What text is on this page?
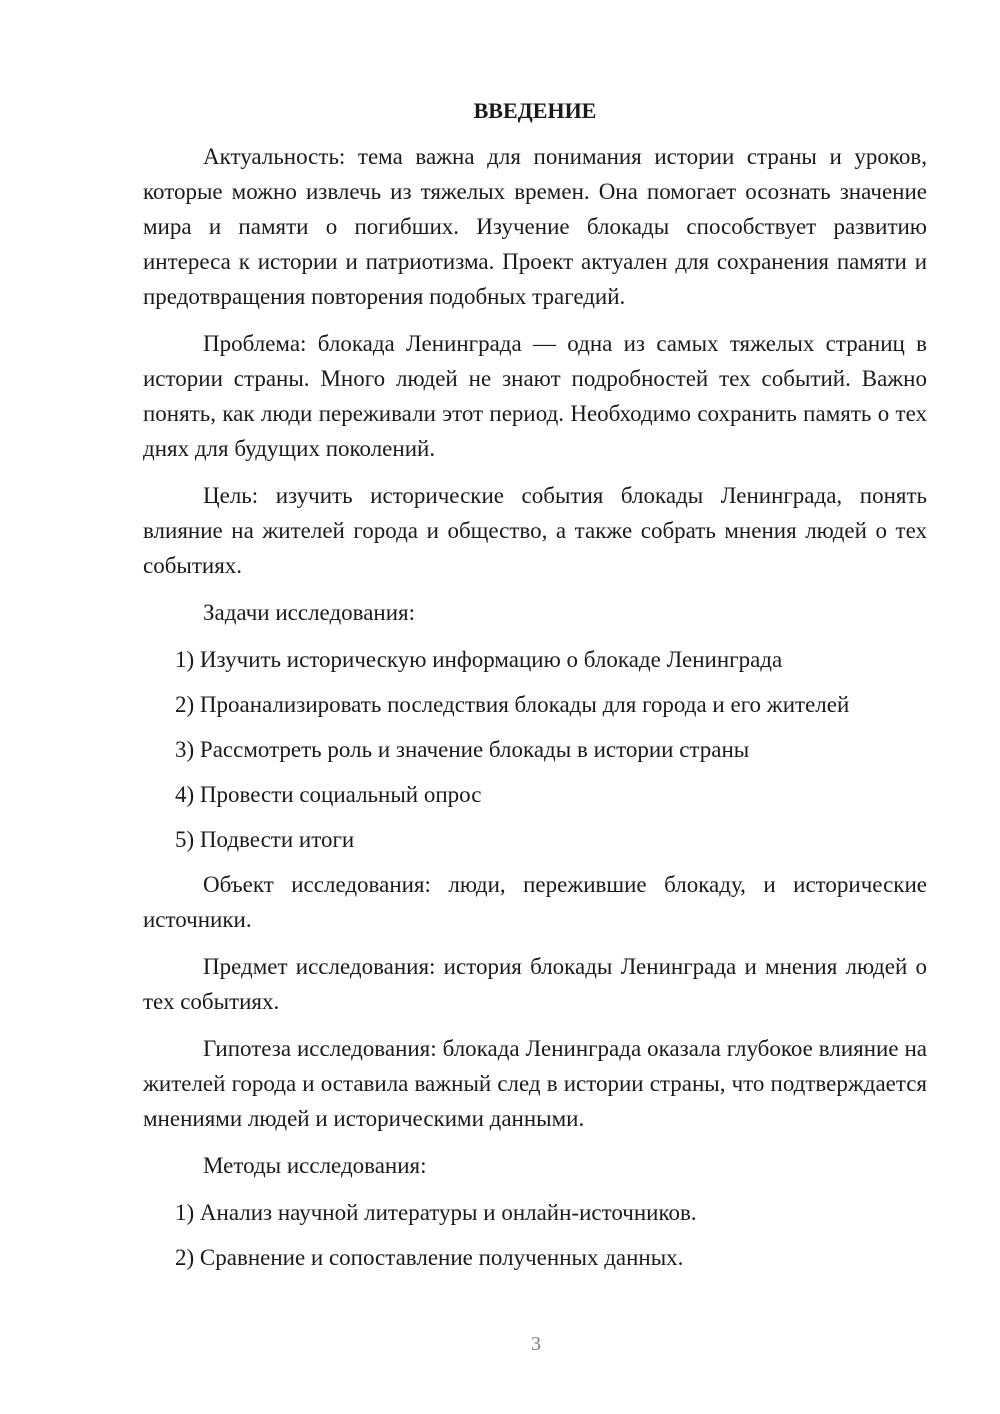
ВВЕДЕНИЕ

Актуальность: тема важна для понимания истории страны и уроков, которые можно извлечь из тяжелых времен. Она помогает осознать значение мира и памяти о погибших. Изучение блокады способствует развитию интереса к истории и патриотизма. Проект актуален для сохранения памяти и предотвращения повторения подобных трагедий.

Проблема: блокада Ленинграда — одна из самых тяжелых страниц в истории страны. Много людей не знают подробностей тех событий. Важно понять, как люди переживали этот период. Необходимо сохранить память о тех днях для будущих поколений.

Цель: изучить исторические события блокады Ленинграда, понять влияние на жителей города и общество, а также собрать мнения людей о тех событиях.

Задачи исследования:

1) Изучить историческую информацию о блокаде Ленинграда

2) Проанализировать последствия блокады для города и его жителей

3) Рассмотреть роль и значение блокады в истории страны

4) Провести социальный опрос

5) Подвести итоги

Объект исследования: люди, пережившие блокаду, и исторические источники.

Предмет исследования: история блокады Ленинграда и мнения людей о тех событиях.

Гипотеза исследования: блокада Ленинграда оказала глубокое влияние на жителей города и оставила важный след в истории страны, что подтверждается мнениями людей и историческими данными.

Методы исследования:

1) Анализ научной литературы и онлайн-источников.

2) Сравнение и сопоставление полученных данных.

3
